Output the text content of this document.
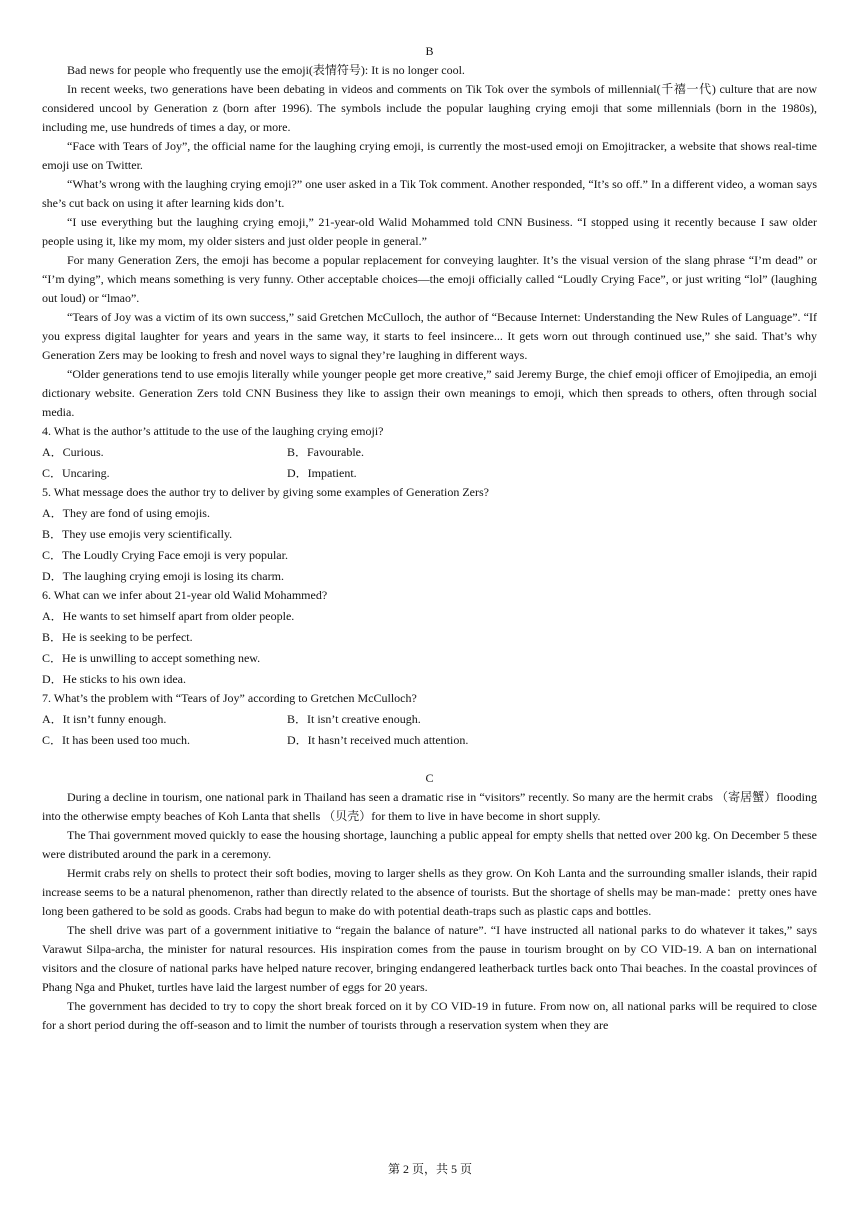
B

Bad news for people who frequently use the emoji(表情符号): It is no longer cool.

In recent weeks, two generations have been debating in videos and comments on Tik Tok over the symbols of millennial(千禧一代) culture that are now considered uncool by Generation z (born after 1996). The symbols include the popular laughing crying emoji that some millennials (born in the 1980s), including me, use hundreds of times a day, or more.

“Face with Tears of Joy”, the official name for the laughing crying emoji, is currently the most-used emoji on Emojitracker, a website that shows real-time emoji use on Twitter.

“What’s wrong with the laughing crying emoji?” one user asked in a Tik Tok comment. Another responded, “It’s so off.” In a different video, a woman says she’s cut back on using it after learning kids don’t.

“I use everything but the laughing crying emoji,” 21-year-old Walid Mohammed told CNN Business. “I stopped using it recently because I saw older people using it, like my mom, my older sisters and just older people in general.”

For many Generation Zers, the emoji has become a popular replacement for conveying laughter. It’s the visual version of the slang phrase “I’m dead” or “I’m dying”, which means something is very funny. Other acceptable choices—the emoji officially called “Loudly Crying Face”, or just writing “lol” (laughing out loud) or “lmao”.

“Tears of Joy was a victim of its own success,” said Gretchen McCulloch, the author of “Because Internet: Understanding the New Rules of Language”. “If you express digital laughter for years and years in the same way, it starts to feel insincere... It gets worn out through continued use,” she said. That’s why Generation Zers may be looking to fresh and novel ways to signal they’re laughing in different ways.

“Older generations tend to use emojis literally while younger people get more creative,” said Jeremy Burge, the chief emoji officer of Emojipedia, an emoji dictionary website. Generation Zers told CNN Business they like to assign their own meanings to emoji, which then spreads to others, often through social media.

4. What is the author’s attitude to the use of the laughing crying emoji?

A．Curious.	B．Favourable.
C．Uncaring.	D．Impatient.

5. What message does the author try to deliver by giving some examples of Generation Zers?

A．They are fond of using emojis.
B．They use emojis very scientifically.
C．The Loudly Crying Face emoji is very popular.
D．The laughing crying emoji is losing its charm.

6. What can we infer about 21-year old Walid Mohammed?

A．He wants to set himself apart from older people.
B．He is seeking to be perfect.
C．He is unwilling to accept something new.
D．He sticks to his own idea.

7. What’s the problem with “Tears of Joy” according to Gretchen McCulloch?

A．It isn’t funny enough.	B．It isn’t creative enough.
C．It has been used too much.	D．It hasn’t received much attention.
C

During a decline in tourism, one national park in Thailand has seen a dramatic rise in “visitors” recently. So many are the hermit crabs （寄居蟹）flooding into the otherwise empty beaches of Koh Lanta that shells （贝壳）for them to live in have become in short supply.

The Thai government moved quickly to ease the housing shortage, launching a public appeal for empty shells that netted over 200 kg. On December 5 these were distributed around the park in a ceremony.

Hermit crabs rely on shells to protect their soft bodies, moving to larger shells as they grow. On Koh Lanta and the surrounding smaller islands, their rapid increase seems to be a natural phenomenon, rather than directly related to the absence of tourists. But the shortage of shells may be man-made：pretty ones have long been gathered to be sold as goods. Crabs had begun to make do with potential death-traps such as plastic caps and bottles.

The shell drive was part of a government initiative to “regain the balance of nature”. “I have instructed all national parks to do whatever it takes,” says Varawut Silpa-archa, the minister for natural resources. His inspiration comes from the pause in tourism brought on by CO VID-19. A ban on international visitors and the closure of national parks have helped nature recover, bringing endangered leatherback turtles back onto Thai beaches. In the coastal provinces of Phang Nga and Phuket, turtles have laid the largest number of eggs for 20 years.

The government has decided to try to copy the short break forced on it by CO VID-19 in future. From now on, all national parks will be required to close for a short period during the off-season and to limit the number of tourists through a reservation system when they are

第 2 页，共 5 页
